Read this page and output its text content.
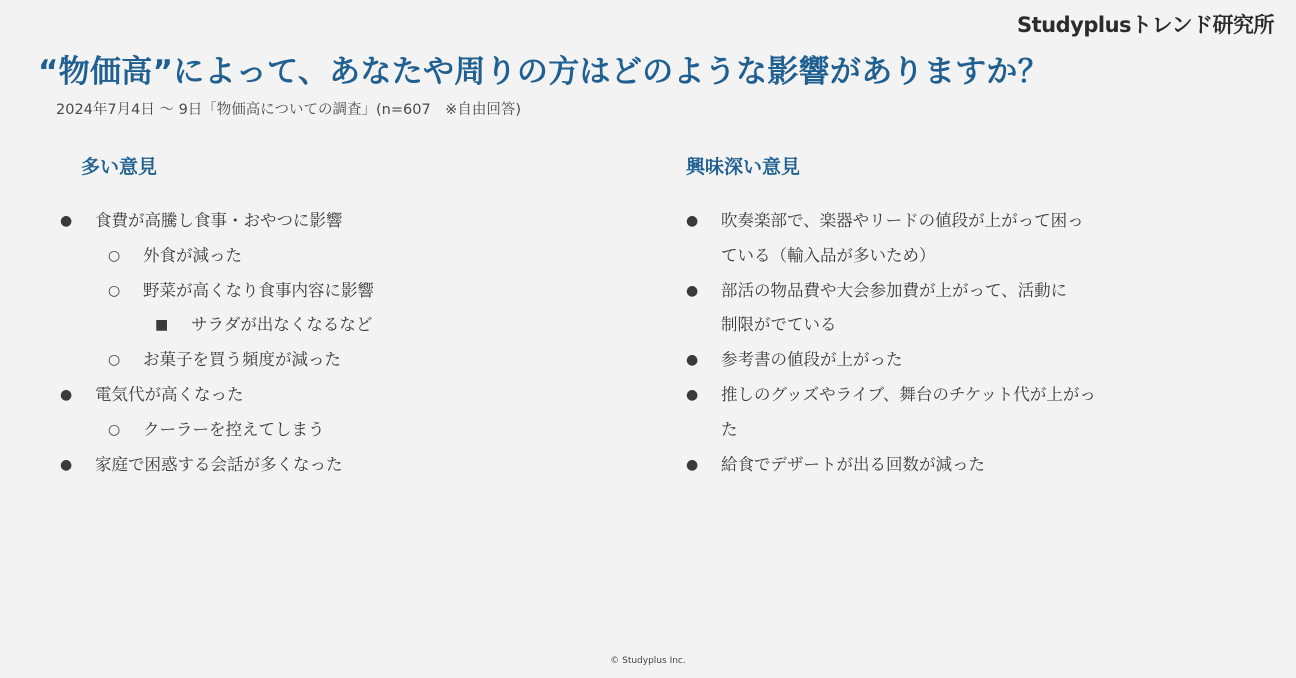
Studyplusトレンド研究所
“物価高”によって、あなたや周りの方はどのような影響がありますか？
2024年7月4日 〜 9日「物価高についての調査」(n=607　※自由回答)
多い意見
● 食費が高騰し食事・おやつに影響
○ 外食が減った
○ 野菜が高くなり食事内容に影響
■ サラダが出なくなるなど
○ お菓子を買う頻度が減った
● 電気代が高くなった
○ クーラーを控えてしまう
● 家庭で困惑する会話が多くなった
興味深い意見
● 吹奏楽部で、楽器やリードの値段が上がって困っ
ている（輸入品が多いため）
● 部活の物品費や大会参加費が上がって、活動に
制限がでている
● 参考書の値段が上がった
● 推しのグッズやライブ、舞台のチケット代が上がっ
た
● 給食でデザートが出る回数が減った
© Studyplus Inc.
